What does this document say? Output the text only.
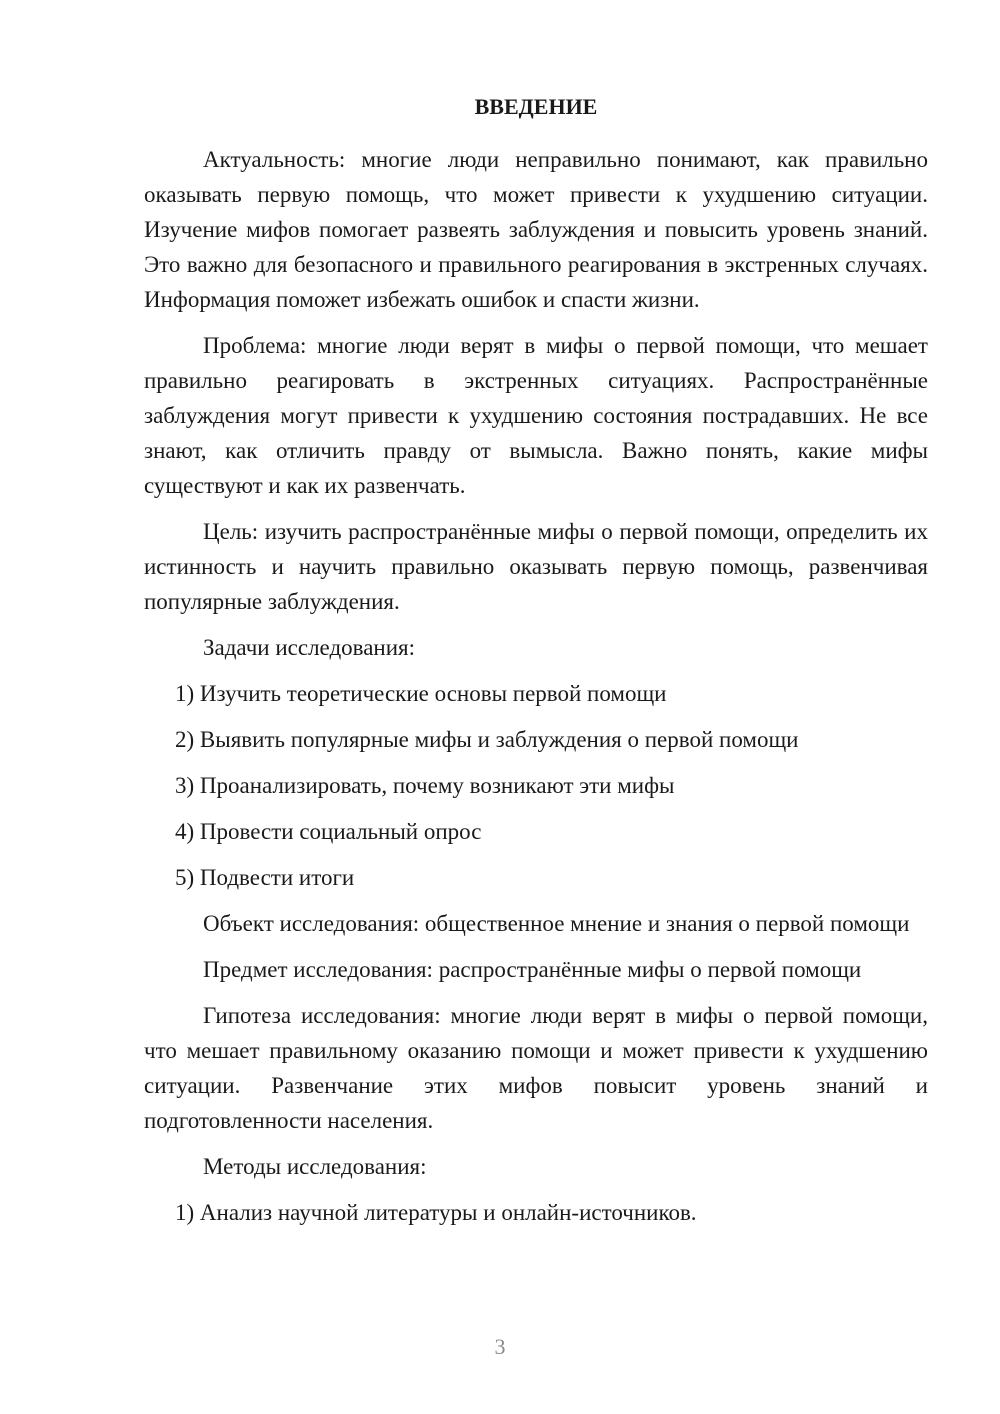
ВВЕДЕНИЕ

Актуальность: многие люди неправильно понимают, как правильно оказывать первую помощь, что может привести к ухудшению ситуации. Изучение мифов помогает развеять заблуждения и повысить уровень знаний. Это важно для безопасного и правильного реагирования в экстренных случаях. Информация поможет избежать ошибок и спасти жизни.

Проблема: многие люди верят в мифы о первой помощи, что мешает правильно реагировать в экстренных ситуациях. Распространённые заблуждения могут привести к ухудшению состояния пострадавших. Не все знают, как отличить правду от вымысла. Важно понять, какие мифы существуют и как их развенчать.

Цель: изучить распространённые мифы о первой помощи, определить их истинность и научить правильно оказывать первую помощь, развенчивая популярные заблуждения.

Задачи исследования:

1) Изучить теоретические основы первой помощи

2) Выявить популярные мифы и заблуждения о первой помощи

3) Проанализировать, почему возникают эти мифы

4) Провести социальный опрос

5) Подвести итоги

Объект исследования: общественное мнение и знания о первой помощи

Предмет исследования: распространённые мифы о первой помощи

Гипотеза исследования: многие люди верят в мифы о первой помощи, что мешает правильному оказанию помощи и может привести к ухудшению ситуации. Развенчание этих мифов повысит уровень знаний и подготовленности населения.

Методы исследования:

1) Анализ научной литературы и онлайн-источников.

3
